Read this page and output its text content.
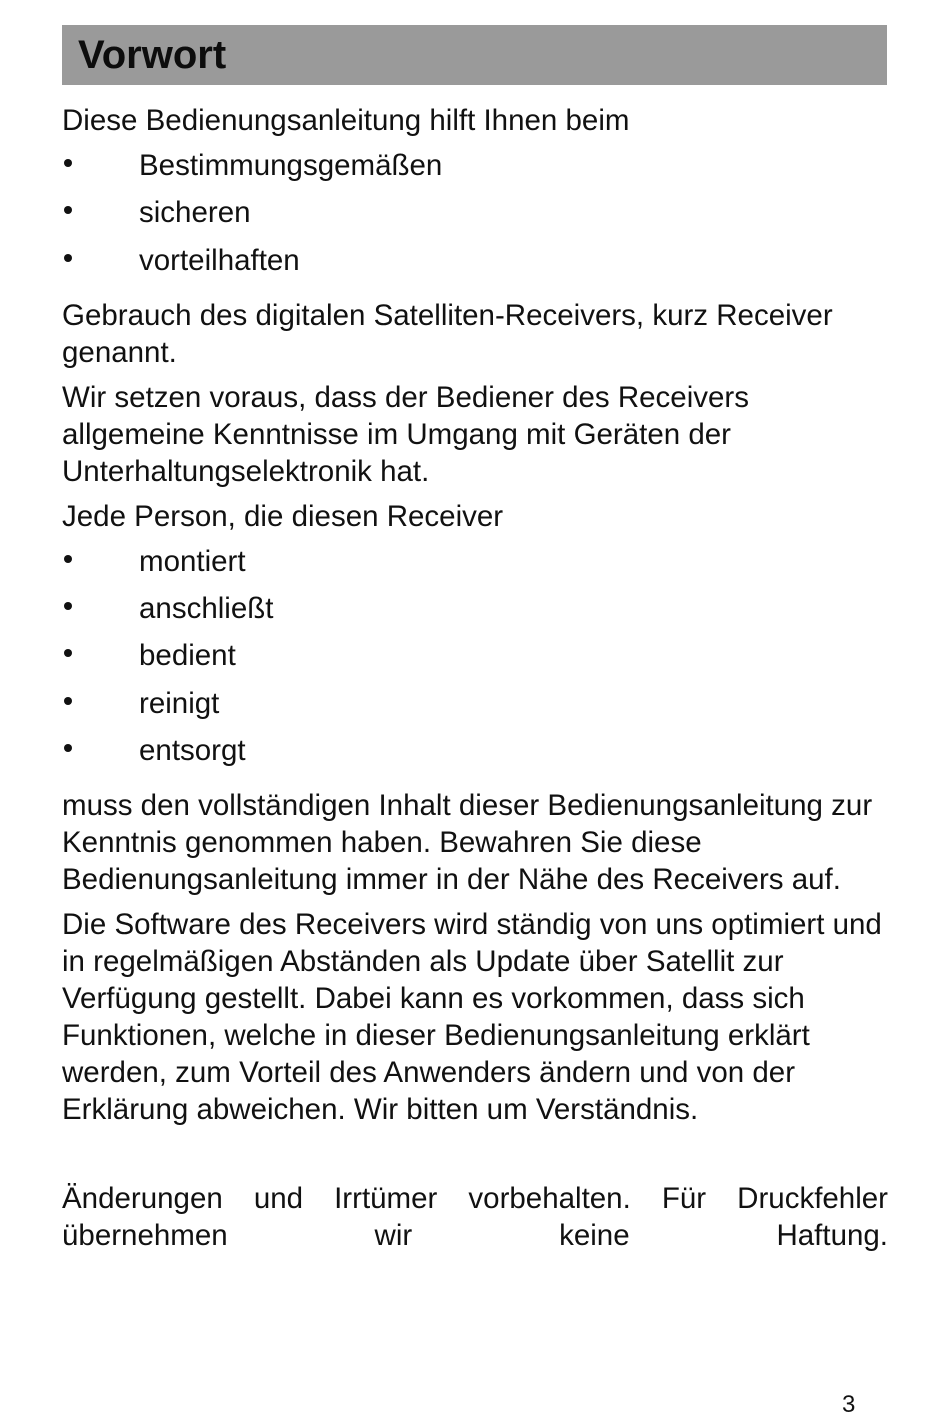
Vorwort

Diese Bedienungsanleitung hilft Ihnen beim

Bestimmungsgemäßen
sicheren
vorteilhaften

Gebrauch des digitalen Satelliten-Receivers, kurz Receiver genannt.

Wir setzen voraus, dass der Bediener des Receivers allgemeine Kenntnisse im Umgang mit Geräten der Unterhaltungselektronik hat.

Jede Person, die diesen Receiver

montiert
anschließt
bedient
reinigt
entsorgt

muss den vollständigen Inhalt dieser Bedienungsanleitung zur Kenntnis genommen haben. Bewahren Sie diese Bedienungsanleitung immer in der Nähe des Receivers auf.

Die Software des Receivers wird ständig von uns optimiert und in regelmäßigen Abständen als Update über Satellit zur Verfügung gestellt. Dabei kann es vorkommen, dass sich Funktionen, welche in dieser Bedienungsanleitung erklärt werden, zum Vorteil des Anwenders ändern und von der Erklärung abweichen. Wir bitten um Verständnis.

Änderungen und Irrtümer vorbehalten. Für Druckfehler übernehmen wir keine Haftung.

3
